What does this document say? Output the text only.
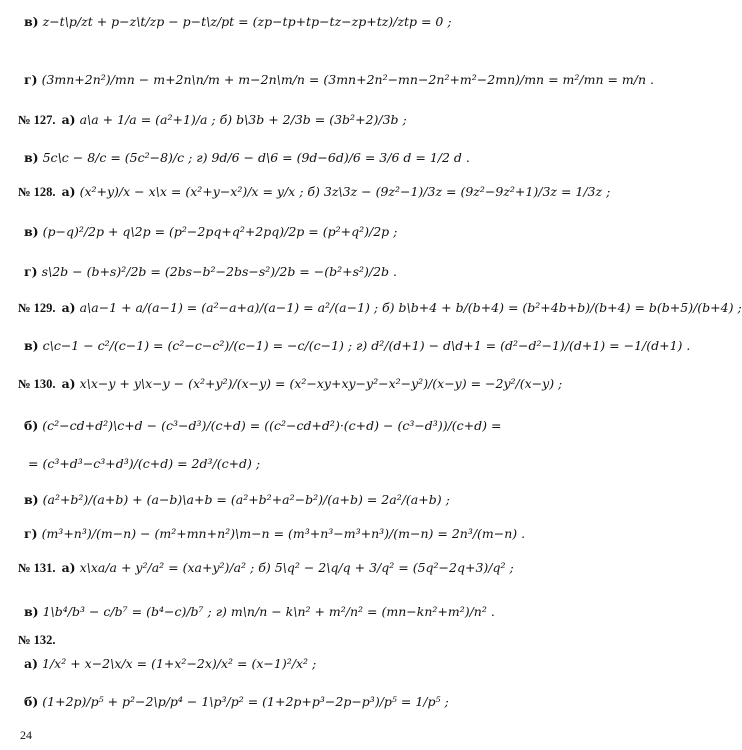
в) z−t\p/zt + p−z\t/zp − p−t\z/pt = (zp−tp+tp−tz−zp+tz)/ztp = 0 ;
г) (3mn+2n²)/mn − m+2n\n/m + m−2n\m/n = (3mn+2n²−mn−2n²+m²−2mn)/mn = m²/mn = m/n .
№ 127. а) a\a + 1/a = (a²+1)/a ; б) b\3b + 2/3b = (3b²+2)/3b ;
в) 5c\c − 8/c = (5c²−8)/c ; г) 9d/6 − d\6 = (9d−6d)/6 = 3/6 d = 1/2 d .
№ 128. а) (x²+y)/x − x\x = (x²+y−x²)/x = y/x ; б) 3z\3z − (9z²−1)/3z = (9z²−9z²+1)/3z = 1/3z ;
в) (p−q)²/2p + q\2p = (p²−2pq+q²+2pq)/2p = (p²+q²)/2p ;
г) s\2b − (b+s)²/2b = (2bs−b²−2bs−s²)/2b = −(b²+s²)/2b .
№ 129. а) a\a−1 + a/(a−1) = (a²−a+a)/(a−1) = a²/(a−1) ; б) b\b+4 + b/(b+4) = (b²+4b+b)/(b+4) = b(b+5)/(b+4) ;
в) c\c−1 − c²/(c−1) = (c²−c−c²)/(c−1) = −c/(c−1) ; г) d²/(d+1) − d\d+1 = (d²−d²−1)/(d+1) = −1/(d+1) .
№ 130. а) x\x−y + y\x−y − (x²+y²)/(x−y) = (x²−xy+xy−y²−x²−y²)/(x−y) = −2y²/(x−y) ;
б) (c²−cd+d²)\c+d − (c³−d³)/(c+d) = ((c²−cd+d²)·(c+d) − (c³−d³))/(c+d) =
= (c³+d³−c³+d³)/(c+d) = 2d³/(c+d) ;
в) (a²+b²)/(a+b) + (a−b)\a+b = (a²+b²+a²−b²)/(a+b) = 2a²/(a+b) ;
г) (m³+n³)/(m−n) − (m²+mn+n²)\m−n = (m³+n³−m³+n³)/(m−n) = 2n³/(m−n) .
№ 131. а) x\xa/a + y²/a² = (xa+y²)/a² ; б) 5\q² − 2\q/q + 3/q² = (5q²−2q+3)/q² ;
в) 1\b⁴/b³ − c/b⁷ = (b⁴−c)/b⁷ ; г) m\n/n − k\n² + m²/n² = (mn−kn²+m²)/n² .
№ 132.
а) 1/x² + x−2\x/x = (1+x²−2x)/x² = (x−1)²/x² ;
б) (1+2p)/p⁵ + p²−2\p/p⁴ − 1\p³/p² = (1+2p+p³−2p−p³)/p⁵ = 1/p⁵ ;
24
